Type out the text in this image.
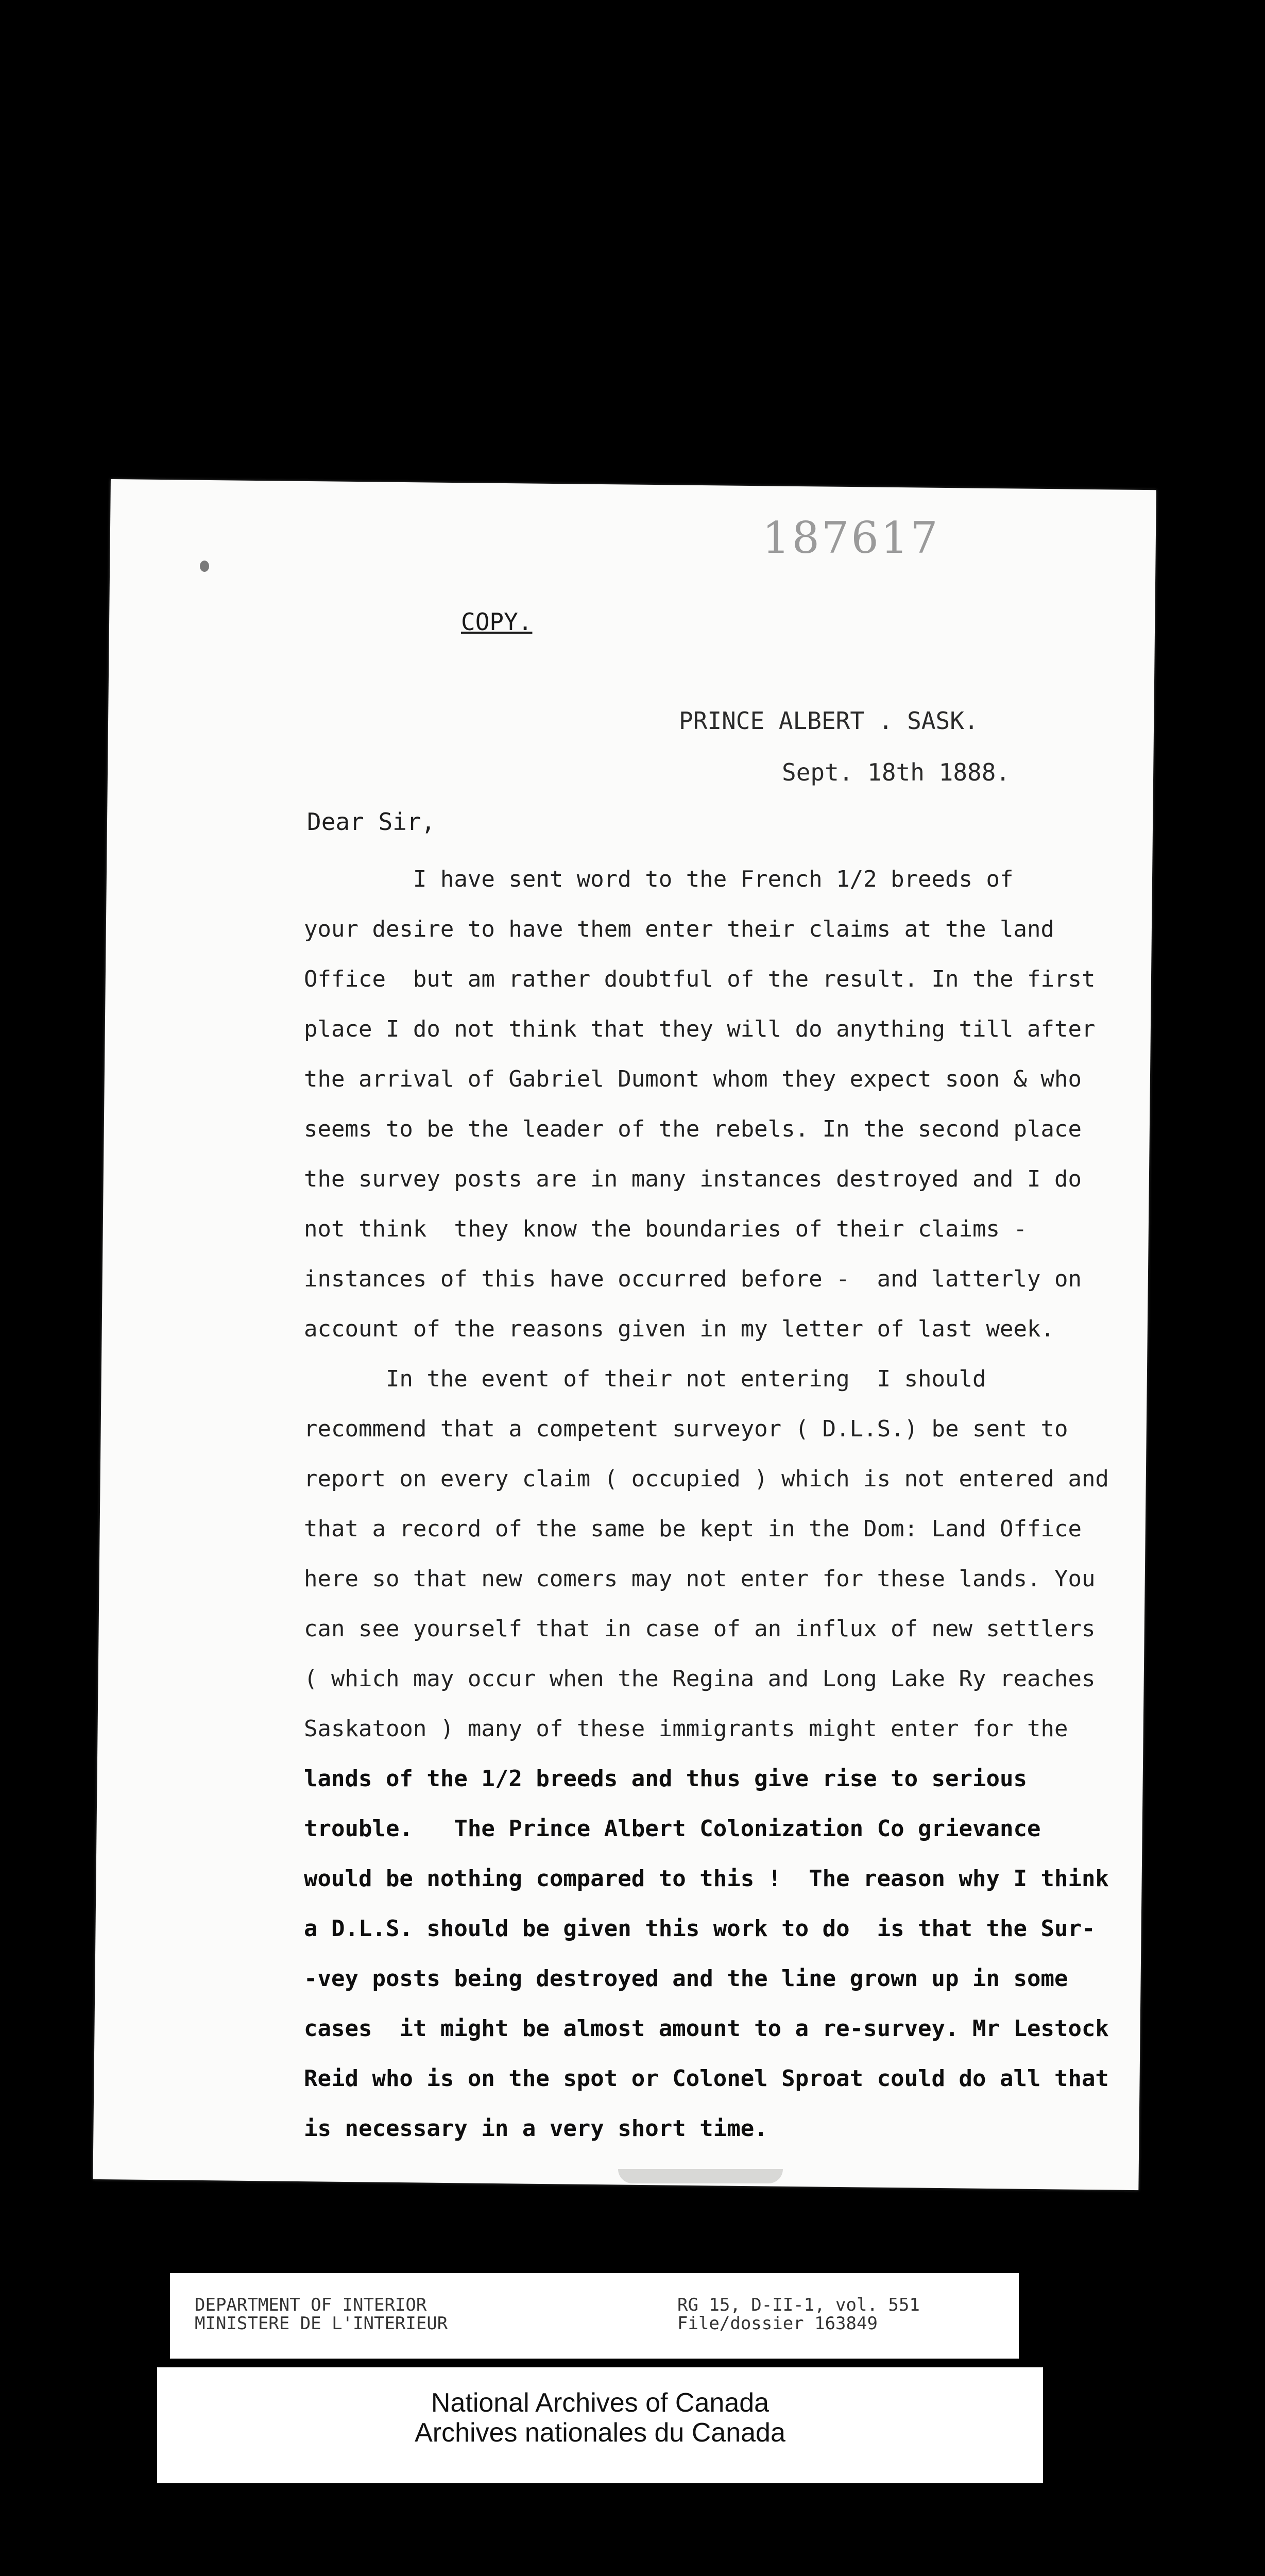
187617
COPY.
PRINCE ALBERT . SASK.
Sept. 18th 1888.
Dear Sir,
I have sent word to the French 1/2 breeds of
your desire to have them enter their claims at the land
Office  but am rather doubtful of the result. In the first
place I do not think that they will do anything till after
the arrival of Gabriel Dumont whom they expect soon & who
seems to be the leader of the rebels. In the second place
the survey posts are in many instances destroyed and I do
not think  they know the boundaries of their claims -
instances of this have occurred before -  and latterly on
account of the reasons given in my letter of last week.
In the event of their not entering  I should
recommend that a competent surveyor ( D.L.S.) be sent to
report on every claim ( occupied ) which is not entered and
that a record of the same be kept in the Dom: Land Office
here so that new comers may not enter for these lands. You
can see yourself that in case of an influx of new settlers
( which may occur when the Regina and Long Lake Ry reaches
Saskatoon ) many of these immigrants might enter for the
lands of the 1/2 breeds and thus give rise to serious
trouble.   The Prince Albert Colonization Co grievance
would be nothing compared to this !  The reason why I think
a D.L.S. should be given this work to do  is that the Sur-
-vey posts being destroyed and the line grown up in some
cases  it might be almost amount to a re-survey. Mr Lestock
Reid who is on the spot or Colonel Sproat could do all that
is necessary in a very short time.
DEPARTMENT OF INTERIOR
MINISTERE DE L'INTERIEUR
RG 15, D-II-1, vol. 551
File/dossier 163849
National Archives of Canada
Archives nationales du Canada
